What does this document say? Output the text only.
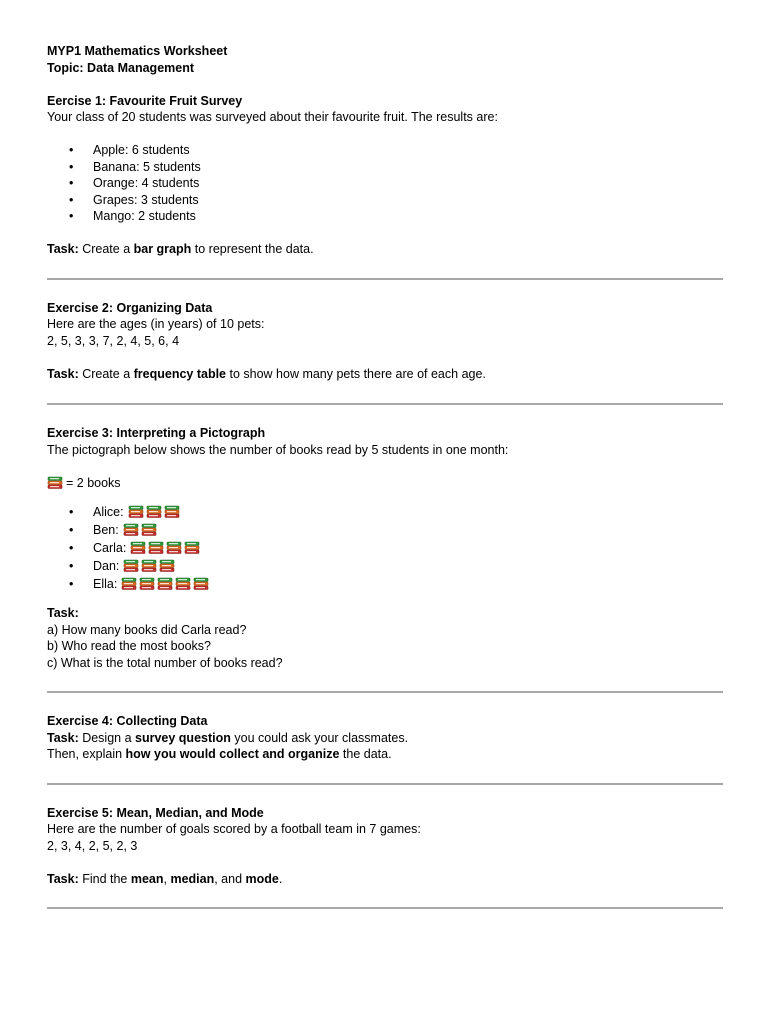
MYP1 Mathematics Worksheet
Topic: Data Management
Eercise 1: Favourite Fruit Survey
Your class of 20 students was surveyed about their favourite fruit. The results are:
• Apple: 6 students
• Banana: 5 students
• Orange: 4 students
• Grapes: 3 students
• Mango: 2 students
Task: Create a bar graph to represent the data.
Exercise 2: Organizing Data
Here are the ages (in years) of 10 pets:
2, 5, 3, 3, 7, 2, 4, 5, 6, 4
Task: Create a frequency table to show how many pets there are of each age.
Exercise 3: Interpreting a Pictograph
The pictograph below shows the number of books read by 5 students in one month:
= 2 books
• Alice:
• Ben:
• Carla:
• Dan:
• Ella:
Task:
a) How many books did Carla read?
b) Who read the most books?
c) What is the total number of books read?
Exercise 4: Collecting Data
Task: Design a survey question you could ask your classmates.
Then, explain how you would collect and organize the data.
Exercise 5: Mean, Median, and Mode
Here are the number of goals scored by a football team in 7 games:
2, 3, 4, 2, 5, 2, 3
Task: Find the mean, median, and mode.
